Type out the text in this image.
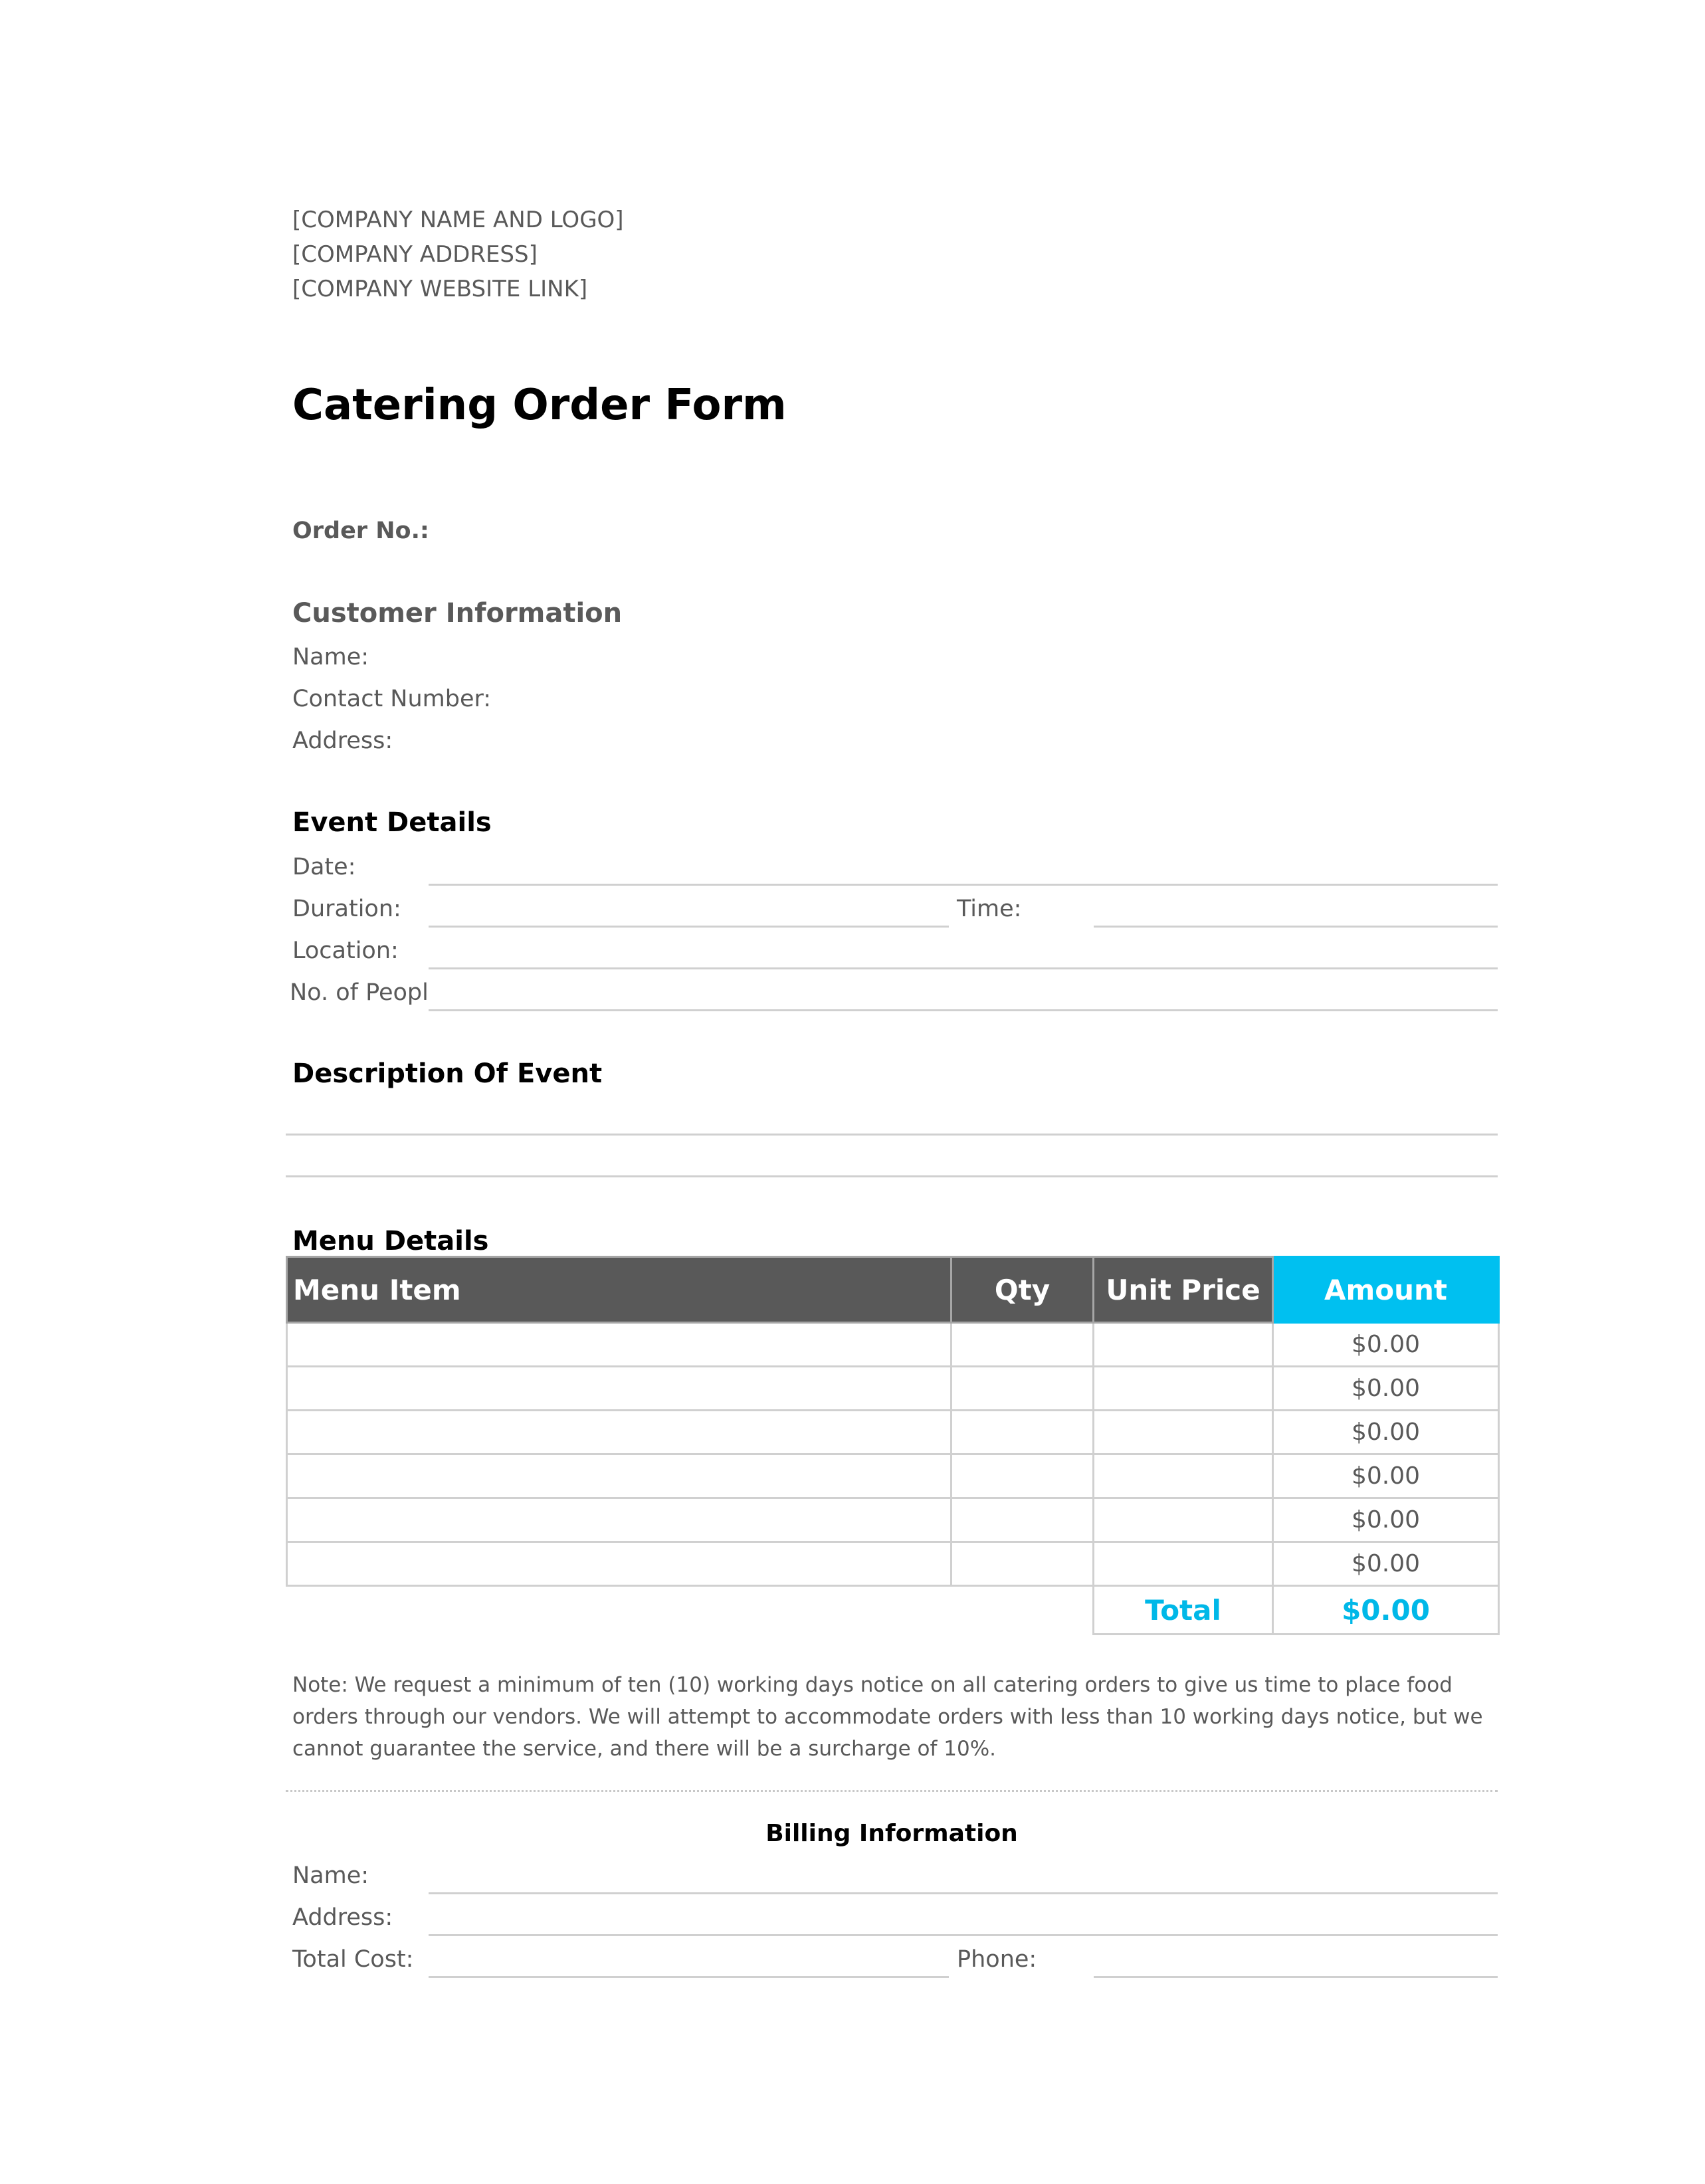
[COMPANY NAME AND LOGO]
[COMPANY ADDRESS]
[COMPANY WEBSITE LINK]
Catering Order Form
Order No.:
Customer Information
Name:
Contact Number:
Address:
Event Details
Date:
Duration:	Time:
Location:
No. of Peopl
Description Of Event
Menu Details
Menu Item	Qty	Unit Price	Amount
			$0.00
			$0.00
			$0.00
			$0.00
			$0.00
			$0.00
		Total	$0.00
Note: We request a minimum of ten (10) working days notice on all catering orders to give us time to place food orders through our vendors. We will attempt to accommodate orders with less than 10 working days notice, but we cannot guarantee the service, and there will be a surcharge of 10%.
Billing Information
Name:
Address:
Total Cost:	Phone:
